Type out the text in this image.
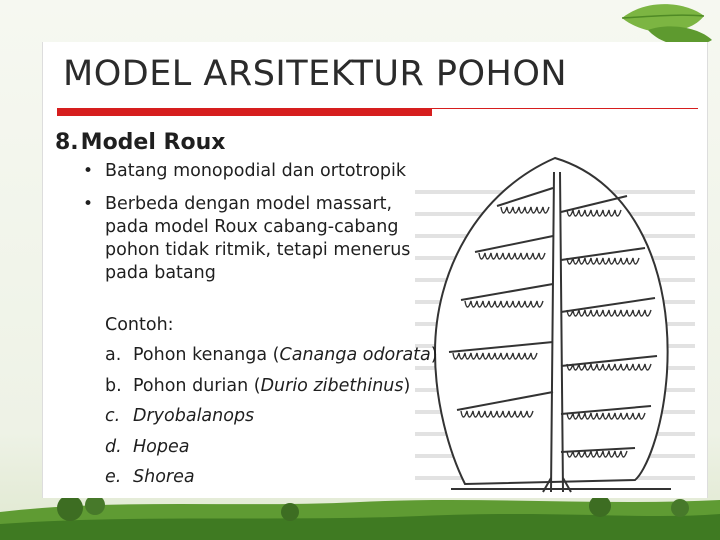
MODEL ARSITEKTUR POHON
8.Model Roux
• Batang monopodial dan ortotropik
• Berbeda dengan model massart, pada model Roux cabang-cabang pohon tidak ritmik, tetapi menerus pada batang
Contoh:
a. Pohon kenanga (Cananga odorata)
b. Pohon durian (Durio zibethinus)
c. Dryobalanops
d. Hopea
e. Shorea
